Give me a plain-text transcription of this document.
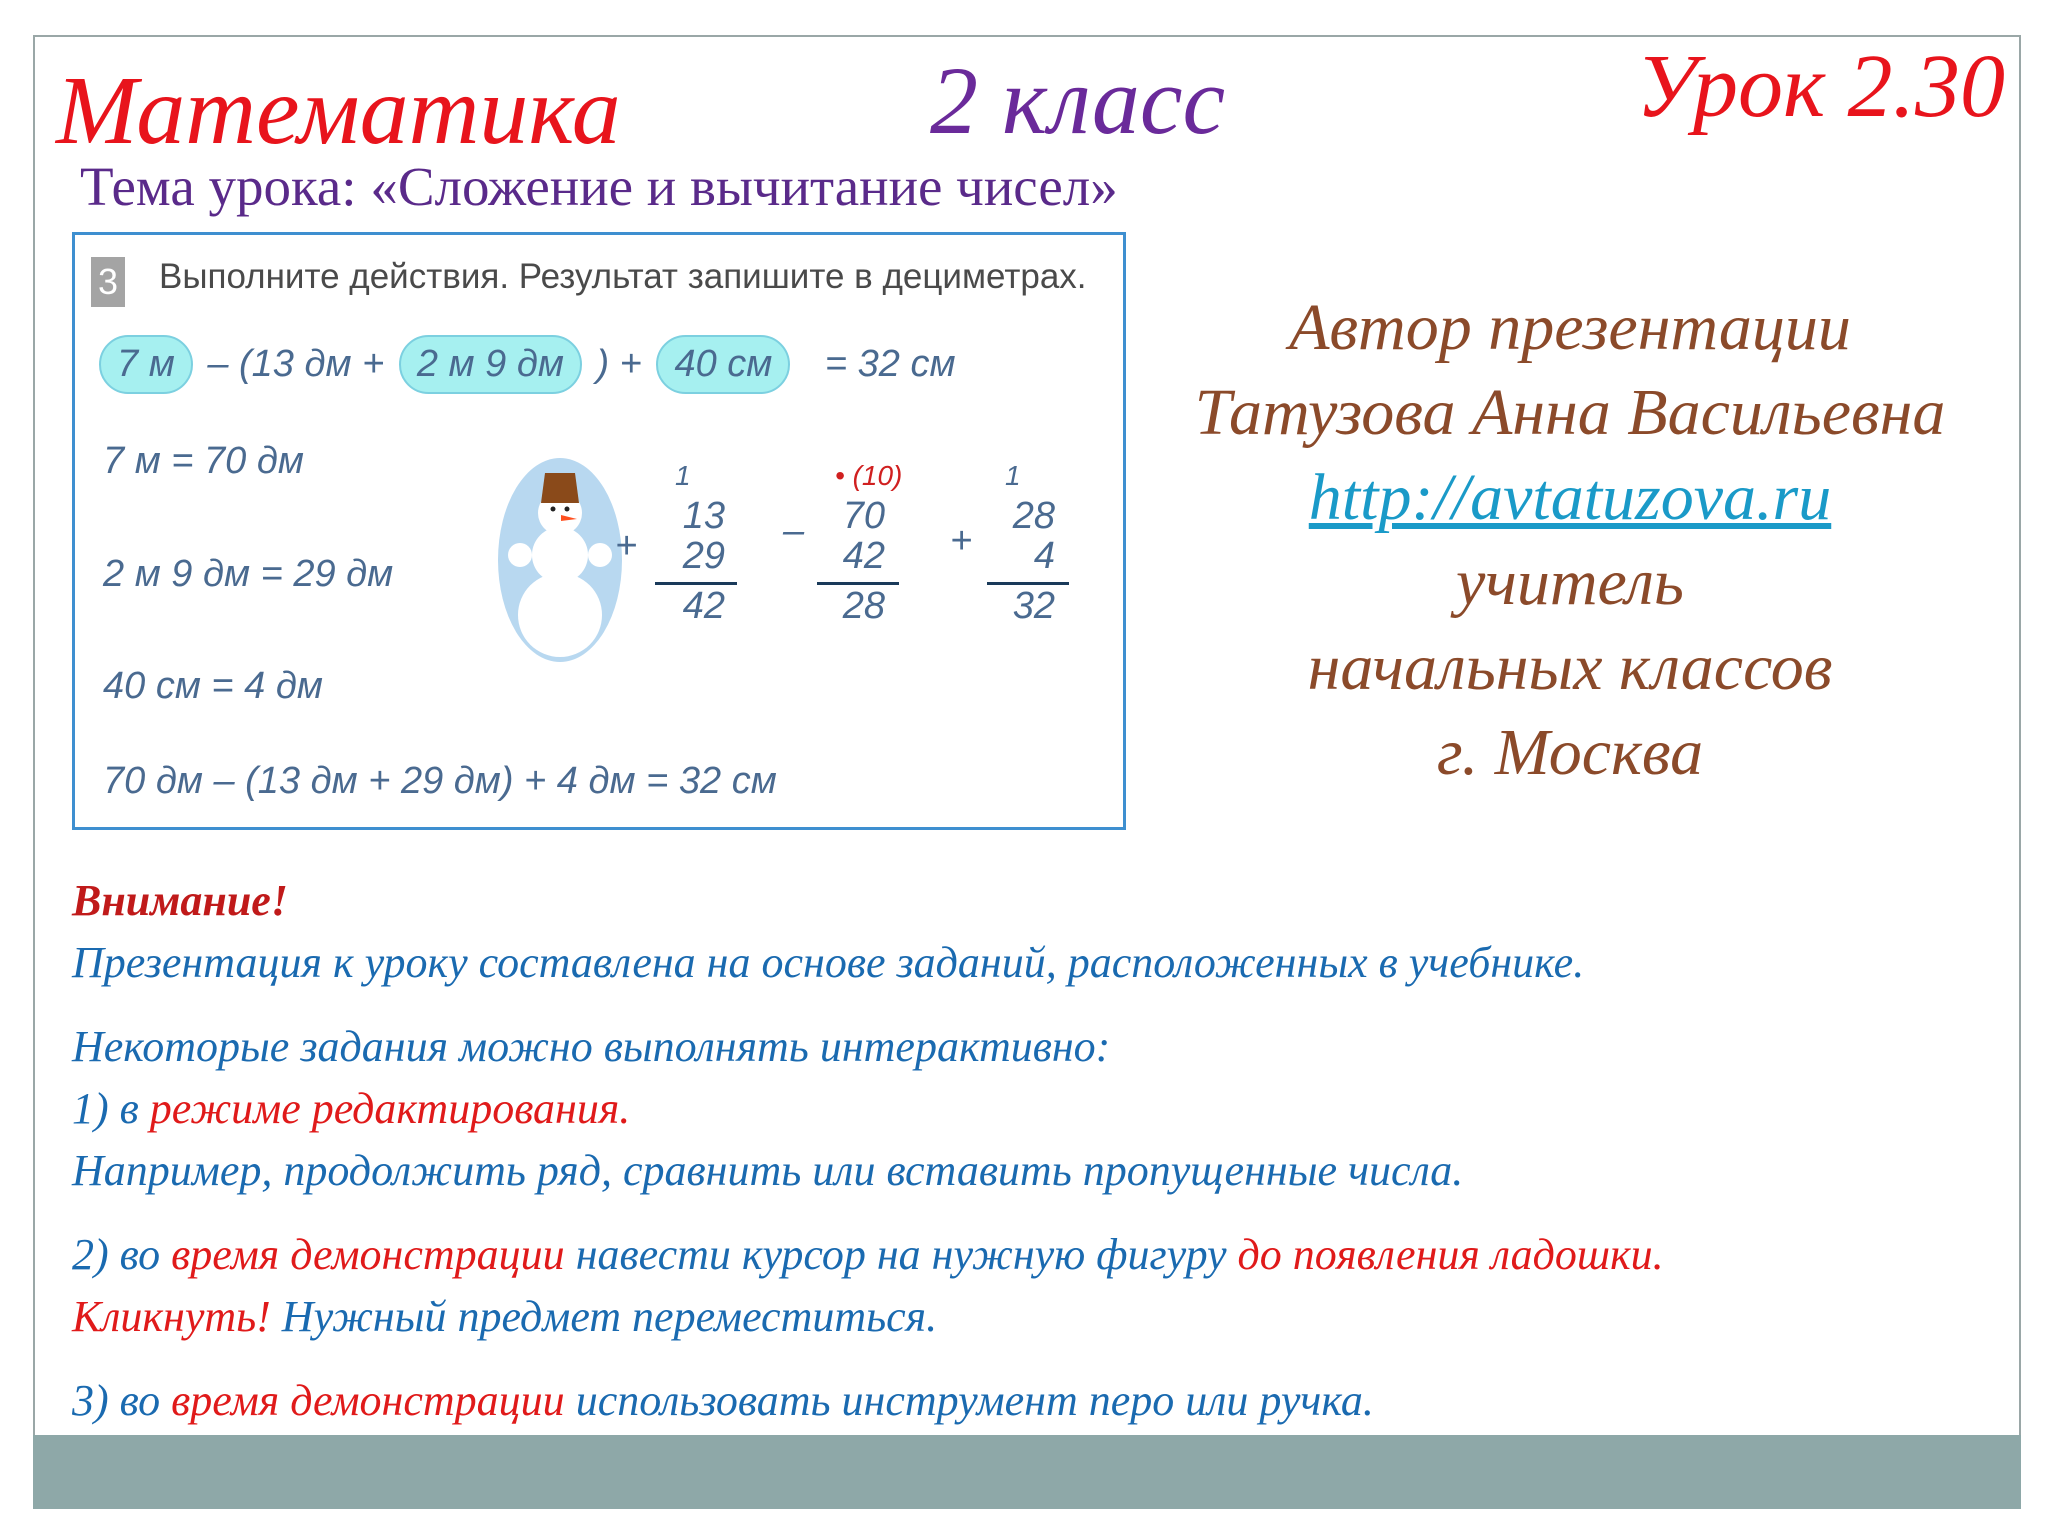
Математика	2 класс	Урок 2.30
Тема урока: «Сложение и вычитание чисел»
3 Выполните действия. Результат запишите в дециметрах.
7 м – (13 дм + 2 м 9 дм ) + 40 см = 32 см
7 м = 70 дм
2 м 9 дм = 29 дм
40 см = 4 дм
70 дм – (13 дм + 29 дм) + 4 дм = 32 см
1
+
13
29
42
• (10)
– 70
42
28
1
+
28
4
32
Автор презентации
Татузова Анна Васильевна
http://avtatuzova.ru
учитель
начальных классов
г. Москва

Внимание!

Презентация к уроку составлена на основе заданий, расположенных в учебнике.

Некоторые задания можно выполнять интерактивно:

1) в режиме редактирования.

Например, продолжить ряд, сравнить или вставить пропущенные числа.

2) во время демонстрации навести курсор на нужную фигуру до появления ладошки.

Кликнуть! Нужный предмет переместиться.

3) во время демонстрации использовать инструмент перо или ручка.
